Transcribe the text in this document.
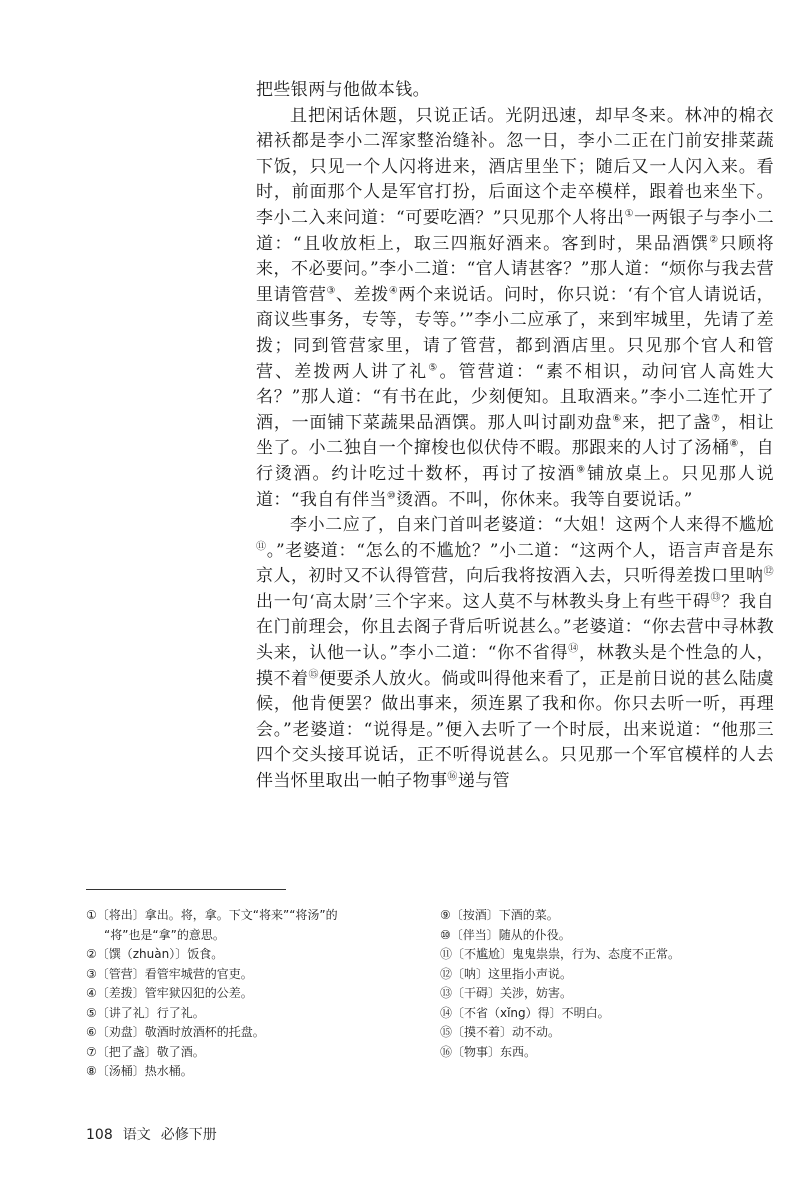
把些银两与他做本钱。

且把闲话休题，只说正话。光阴迅速，却早冬来。林冲的棉衣裙袄都是李小二浑家整治缝补。忽一日，李小二正在门前安排菜蔬下饭，只见一个人闪将进来，酒店里坐下；随后又一人闪入来。看时，前面那个人是军官打扮，后面这个走卒模样，跟着也来坐下。李小二入来问道：“可要吃酒？”只见那个人将出①一两银子与李小二道：“且收放柜上，取三四瓶好酒来。客到时，果品酒馔②只顾将来，不必要问。”李小二道：“官人请甚客？”那人道：“烦你与我去营里请管营③、差拨④两个来说话。问时，你只说：‘有个官人请说话，商议些事务，专等，专等。’”李小二应承了，来到牢城里，先请了差拨；同到管营家里，请了管营，都到酒店里。只见那个官人和管营、差拨两人讲了礼⑤。管营道：“素不相识，动问官人高姓大名？”那人道：“有书在此，少刻便知。且取酒来。”李小二连忙开了酒，一面铺下菜蔬果品酒馔。那人叫讨副劝盘⑥来，把了盏⑦，相让坐了。小二独自一个撺梭也似伏侍不暇。那跟来的人讨了汤桶⑧，自行烫酒。约计吃过十数杯，再讨了按酒⑨铺放桌上。只见那人说道：“我自有伴当⑩烫酒。不叫，你休来。我等自要说话。”

李小二应了，自来门首叫老婆道：“大姐！这两个人来得不尴尬⑪。”老婆道：“怎么的不尴尬？”小二道：“这两个人，语言声音是东京人，初时又不认得管营，向后我将按酒入去，只听得差拨口里呐⑫出一句‘高太尉’三个字来。这人莫不与林教头身上有些干碍⑬？我自在门前理会，你且去阁子背后听说甚么。”老婆道：“你去营中寻林教头来，认他一认。”李小二道：“你不省得⑭，林教头是个性急的人，摸不着⑮便要杀人放火。倘或叫得他来看了，正是前日说的甚么陆虞候，他肯便罢？做出事来，须连累了我和你。你只去听一听，再理会。”老婆道：“说得是。”便入去听了一个时辰，出来说道：“他那三四个交头接耳说话，正不听得说甚么。只见那一个军官模样的人去伴当怀里取出一帕子物事⑯递与管

①〔将出〕拿出。将，拿。下文“将来”“将汤”的

“将”也是“拿”的意思。

②〔馔（zhuàn）〕饭食。

③〔管营〕看管牢城营的官吏。

④〔差拨〕管牢狱囚犯的公差。

⑤〔讲了礼〕行了礼。

⑥〔劝盘〕敬酒时放酒杯的托盘。

⑦〔把了盏〕敬了酒。

⑧〔汤桶〕热水桶。

⑨〔按酒〕下酒的菜。

⑩〔伴当〕随从的仆役。

⑪〔不尴尬〕鬼鬼祟祟，行为、态度不正常。

⑫〔呐〕这里指小声说。

⑬〔干碍〕关涉，妨害。

⑭〔不省（xǐng）得〕不明白。

⑮〔摸不着〕动不动。

⑯〔物事〕东西。

108 语文 必修下册
